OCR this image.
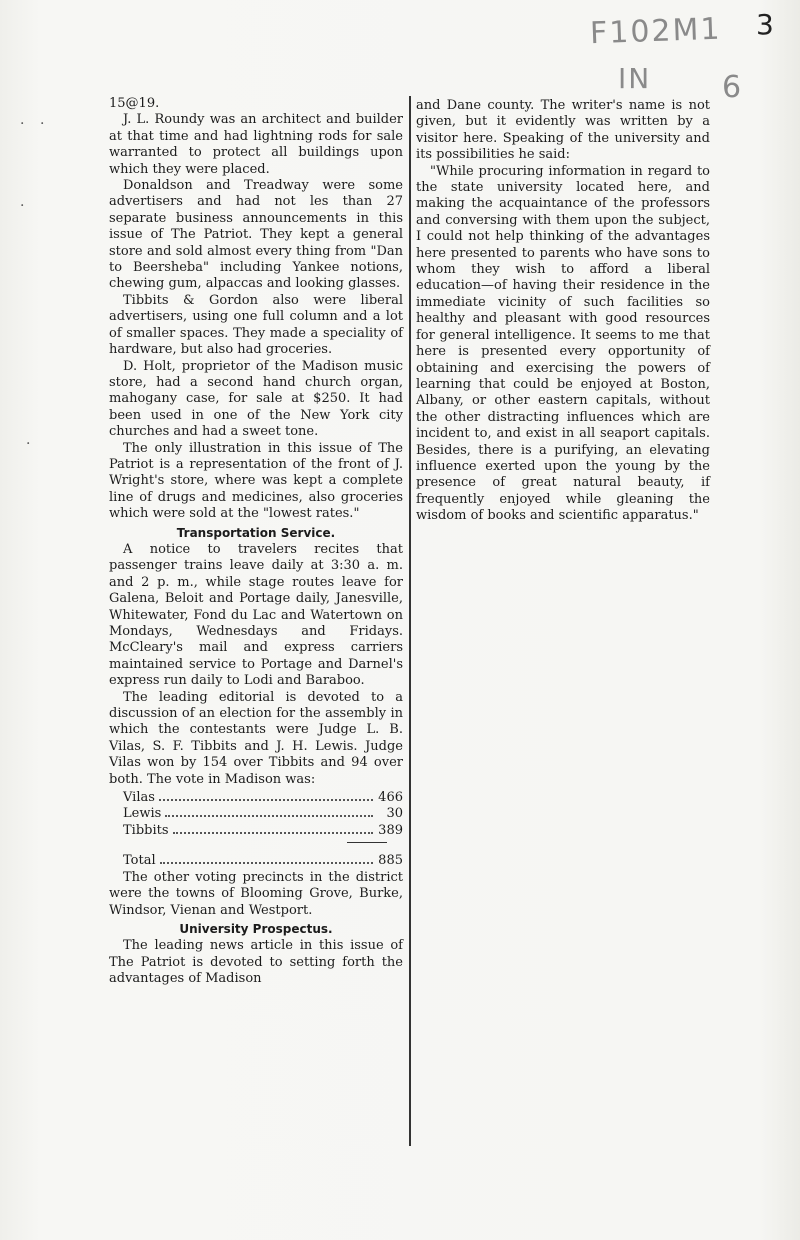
F102M1
IN 6
3
· ·
·
·

15@19.

J. L. Roundy was an architect and builder at that time and had lightning rods for sale warranted to protect all buildings upon which they were placed.

Donaldson and Treadway were some advertisers and had not les than 27 separate business announcements in this issue of The Patriot. They kept a general store and sold almost every thing from "Dan to Beersheba" including Yankee notions, chewing gum, alpaccas and looking glasses.

Tibbits & Gordon also were liberal advertisers, using one full column and a lot of smaller spaces. They made a speciality of hardware, but also had groceries.

D. Holt, proprietor of the Madison music store, had a second hand church organ, mahogany case, for sale at $250. It had been used in one of the New York city churches and had a sweet tone.

The only illustration in this issue of The Patriot is a representation of the front of J. Wright's store, where was kept a complete line of drugs and medicines, also groceries which were sold at the "lowest rates."

Transportation Service.

A notice to travelers recites that passenger trains leave daily at 3:30 a. m. and 2 p. m., while stage routes leave for Galena, Beloit and Portage daily, Janesville, Whitewater, Fond du Lac and Watertown on Mondays, Wednesdays and Fridays. McCleary's mail and express carriers maintained service to Portage and Darnel's express run daily to Lodi and Baraboo.

The leading editorial is devoted to a discussion of an election for the assembly in which the contestants were Judge L. B. Vilas, S. F. Tibbits and J. H. Lewis. Judge Vilas won by 154 over Tibbits and 94 over both. The vote in Madison was:

Vilas	466
Lewis	30
Tibbits	389
Total	885

The other voting precincts in the district were the towns of Blooming Grove, Burke, Windsor, Vienan and Westport.

University Prospectus.

The leading news article in this issue of The Patriot is devoted to setting forth the advantages of Madison

and Dane county. The writer's name is not given, but it evidently was written by a visitor here. Speaking of the university and its possibilities he said:

"While procuring information in regard to the state university located here, and making the acquaintance of the professors and conversing with them upon the subject, I could not help thinking of the advantages here presented to parents who have sons to whom they wish to afford a liberal education—of having their residence in the immediate vicinity of such facilities so healthy and pleasant with good resources for general intelligence. It seems to me that here is presented every opportunity of obtaining and exercising the powers of learning that could be enjoyed at Boston, Albany, or other eastern capitals, without the other distracting influences which are incident to, and exist in all seaport capitals. Besides, there is a purifying, an elevating influence exerted upon the young by the presence of great natural beauty, if frequently enjoyed while gleaning the wisdom of books and scientific apparatus."
